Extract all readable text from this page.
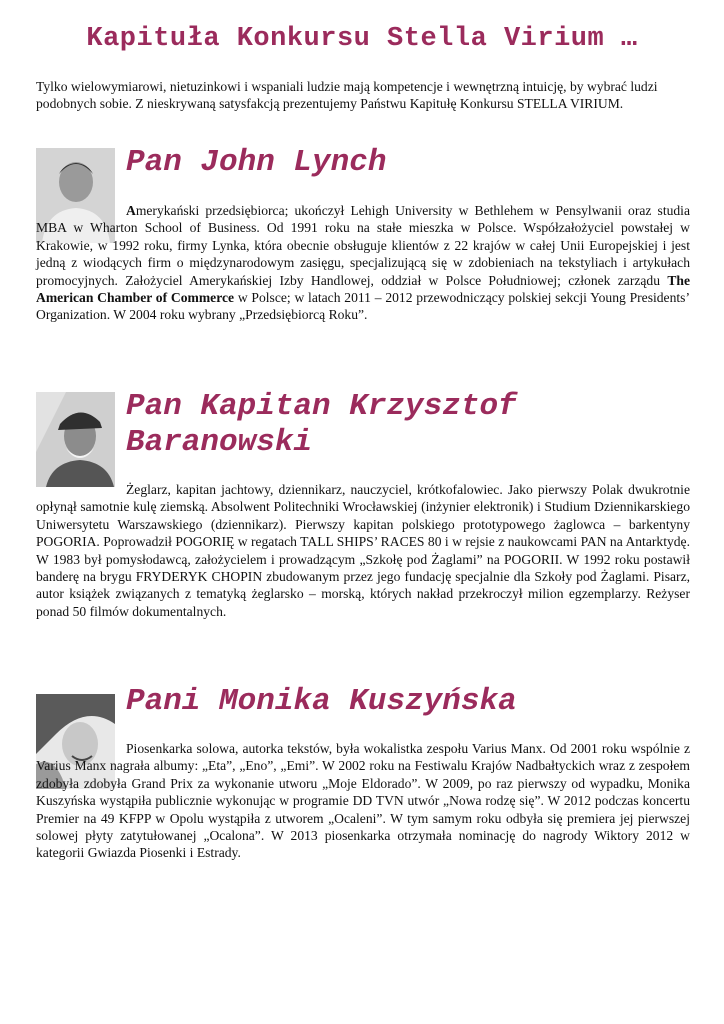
Kapituła Konkursu Stella Virium …
Tylko wielowymiarowi, nietuzinkowi i wspaniali ludzie mają kompetencje i wewnętrzną intuicję, by wybrać ludzi podobnych sobie. Z nieskrywaną satysfakcją prezentujemy Państwu Kapitułę Konkursu STELLA VIRIUM.
Pan John Lynch
Amerykański przedsiębiorca; ukończył Lehigh University w Bethlehem w Pensylwanii oraz studia MBA w Wharton School of Business. Od 1991 roku na stałe mieszka w Polsce. Współzałożyciel powstałej w Krakowie, w 1992 roku, firmy Lynka, która obecnie obsługuje klientów z 22 krajów w całej Unii Europejskiej i jest jedną z wiodących firm o międzynarodowym zasięgu, specjalizującą się w zdobieniach na tekstyliach i artykułach promocyjnych. Założyciel Amerykańskiej Izby Handlowej, oddział w Polsce Południowej; członek zarządu The American Chamber of Commerce w Polsce; w latach 2011 – 2012 przewodniczący polskiej sekcji Young Presidents’ Organization. W 2004 roku wybrany „Przedsiębiorcą Roku”.
Pan Kapitan Krzysztof Baranowski
Żeglarz, kapitan jachtowy, dziennikarz, nauczyciel, krótkofalowiec. Jako pierwszy Polak dwukrotnie opłynął samotnie kulę ziemską. Absolwent Politechniki Wrocławskiej (inżynier elektronik) i Studium Dziennikarskiego Uniwersytetu Warszawskiego (dziennikarz). Pierwszy kapitan polskiego prototypowego żaglowca – barkentyny POGORIA. Poprowadził POGORIĘ w regatach TALL SHIPS’ RACES 80 i w rejsie z naukowcami PAN na Antarktydę. W 1983 był pomysłodawcą, założycielem i prowadzącym „Szkołę pod Żaglami” na POGORII. W 1992 roku postawił banderę na brygu FRYDERYK CHOPIN zbudowanym przez jego fundację specjalnie dla Szkoły pod Żaglami. Pisarz, autor książek związanych z tematyką żeglarsko – morską, których nakład przekroczył milion egzemplarzy. Reżyser ponad 50 filmów dokumentalnych.
Pani Monika Kuszyńska
Piosenkarka solowa, autorka tekstów, była wokalistka zespołu Varius Manx. Od 2001 roku wspólnie z Varius Manx nagrała albumy: „Eta”, „Eno”, „Emi”. W 2002 roku na Festiwalu Krajów Nadbałtyckich wraz z zespołem zdobyła zdobyła Grand Prix za wykonanie utworu „Moje Eldorado”. W 2009, po raz pierwszy od wypadku, Monika Kuszyńska wystąpiła publicznie wykonując w programie DD TVN utwór „Nowa rodzę się”. W 2012 podczas koncertu Premier na 49 KFPP w Opolu wystąpiła z utworem „Ocaleni”. W tym samym roku odbyła się premiera jej pierwszej solowej płyty zatytułowanej „Ocalona”. W 2013 piosenkarka otrzymała nominację do nagrody Wiktory 2012 w kategorii Gwiazda Piosenki i Estrady.
